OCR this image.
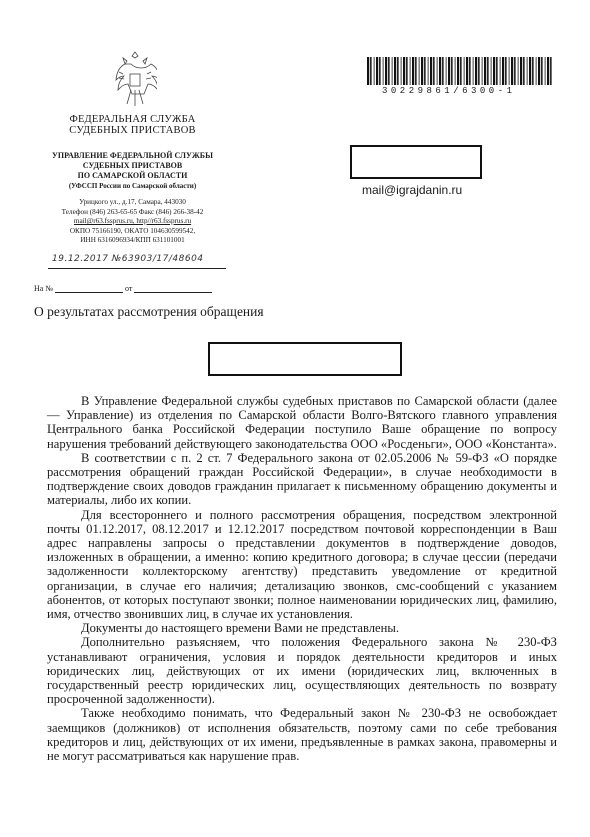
ФЕДЕРАЛЬНАЯ СЛУЖБА
СУДЕБНЫХ ПРИСТАВОВ
УПРАВЛЕНИЕ ФЕДЕРАЛЬНОЙ СЛУЖБЫ
СУДЕБНЫХ ПРИСТАВОВ
ПО САМАРСКОЙ ОБЛАСТИ
(УФССП России по Самарской области)
Урицкого ул., д.17, Самара, 443030
Телефон (846) 263-65-65 Факс (846) 266-38-42
mail@r63.fssprus.ru, http//r63.fssprus.ru
ОКПО 75166190, ОКАТО 104630599542,
ИНН 6316096934/КПП 631101001
19.12.2017 №63903/17/48604
На №	от
30229861/6300-1
mail@igrajdanin.ru
О результатах рассмотрения обращения

В Управление Федеральной службы судебных приставов по Самарской области (далее — Управление) из отделения по Самарской области Волго-Вятского главного управления Центрального банка Российской Федерации поступило Ваше обращение по вопросу нарушения требований действующего законодательства ООО «Росденьги», ООО «Константа».

В соответствии с п. 2 ст. 7 Федерального закона от 02.05.2006 № 59-ФЗ «О порядке рассмотрения обращений граждан Российской Федерации», в случае необходимости в подтверждение своих доводов гражданин прилагает к письменному обращению документы и материалы, либо их копии.

Для всестороннего и полного рассмотрения обращения, посредством электронной почты 01.12.2017, 08.12.2017 и 12.12.2017 посредством почтовой корреспонденции в Ваш адрес направлены запросы о представлении документов в подтверждение доводов, изложенных в обращении, а именно: копию кредитного договора; в случае цессии (передачи задолженности коллекторскому агентству) представить уведомление от кредитной организации, в случае его наличия; детализацию звонков, смс-сообщений с указанием абонентов, от которых поступают звонки; полное наименовании юридических лиц, фамилию, имя, отчество звонивших лиц, в случае их установления.

Документы до настоящего времени Вами не представлены.

Дополнительно разъясняем, что положения Федерального закона № 230-ФЗ устанавливают ограничения, условия и порядок деятельности кредиторов и иных юридических лиц, действующих от их имени (юридических лиц, включенных в государственный реестр юридических лиц, осуществляющих деятельность по возврату просроченной задолженности).

Также необходимо понимать, что Федеральный закон № 230-ФЗ не освобождает заемщиков (должников) от исполнения обязательств, поэтому сами по себе требования кредиторов и лиц, действующих от их имени, предъявленные в рамках закона, правомерны и не могут рассматриваться как нарушение прав.
